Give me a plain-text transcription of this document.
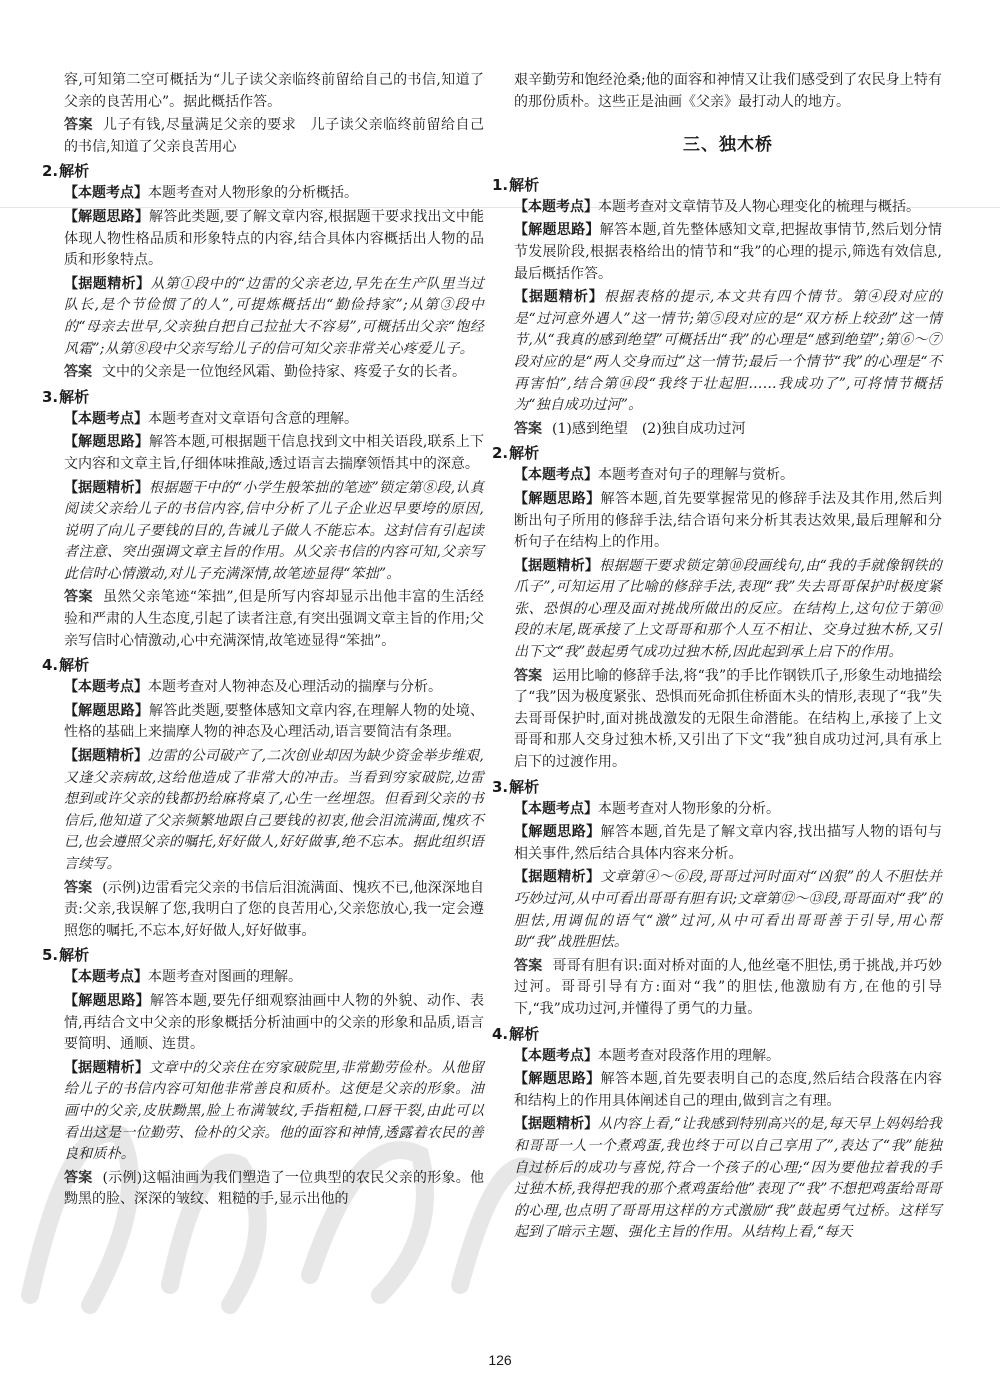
容,可知第二空可概括为“儿子读父亲临终前留给自己的书信,知道了父亲的良苦用心”。据此概括作答。

答案 儿子有钱,尽量满足父亲的要求　儿子读父亲临终前留给自己的书信,知道了父亲良苦用心

2.解析

【本题考点】本题考查对人物形象的分析概括。

【解题思路】解答此类题,要了解文章内容,根据题干要求找出文中能体现人物性格品质和形象特点的内容,结合具体内容概括出人物的品质和形象特点。

【据题精析】从第①段中的“边雷的父亲老边,早先在生产队里当过队长,是个节俭惯了的人”,可提炼概括出“勤俭持家”;从第③段中的“母亲去世早,父亲独自把自己拉扯大不容易”,可概括出父亲“饱经风霜”;从第⑧段中父亲写给儿子的信可知父亲非常关心疼爱儿子。

答案 文中的父亲是一位饱经风霜、勤俭持家、疼爱子女的长者。

3.解析

【本题考点】本题考查对文章语句含意的理解。

【解题思路】解答本题,可根据题干信息找到文中相关语段,联系上下文内容和文章主旨,仔细体味推敲,透过语言去揣摩领悟其中的深意。

【据题精析】根据题干中的“小学生般笨拙的笔迹”锁定第⑧段,认真阅读父亲给儿子的书信内容,信中分析了儿子企业迟早要垮的原因,说明了向儿子要钱的目的,告诫儿子做人不能忘本。这封信有引起读者注意、突出强调文章主旨的作用。从父亲书信的内容可知,父亲写此信时心情激动,对儿子充满深情,故笔迹显得“笨拙”。

答案 虽然父亲笔迹“笨拙”,但是所写内容却显示出他丰富的生活经验和严肃的人生态度,引起了读者注意,有突出强调文章主旨的作用;父亲写信时心情激动,心中充满深情,故笔迹显得“笨拙”。

4.解析

【本题考点】本题考查对人物神态及心理活动的揣摩与分析。

【解题思路】解答此类题,要整体感知文章内容,在理解人物的处境、性格的基础上来揣摩人物的神态及心理活动,语言要简洁有条理。

【据题精析】边雷的公司破产了,二次创业却因为缺少资金举步维艰,又逢父亲病故,这给他造成了非常大的冲击。当看到穷家破院,边雷想到或许父亲的钱都扔给麻将桌了,心生一丝埋怨。但看到父亲的书信后,他知道了父亲频繁地跟自己要钱的初衷,他会泪流满面,愧疚不已,也会遵照父亲的嘱托,好好做人,好好做事,绝不忘本。据此组织语言续写。

答案 (示例)边雷看完父亲的书信后泪流满面、愧疚不已,他深深地自责:父亲,我误解了您,我明白了您的良苦用心,父亲您放心,我一定会遵照您的嘱托,不忘本,好好做人,好好做事。

5.解析

【本题考点】本题考查对图画的理解。

【解题思路】解答本题,要先仔细观察油画中人物的外貌、动作、表情,再结合文中父亲的形象概括分析油画中的父亲的形象和品质,语言要简明、通顺、连贯。

【据题精析】文章中的父亲住在穷家破院里,非常勤劳俭朴。从他留给儿子的书信内容可知他非常善良和质朴。这便是父亲的形象。油画中的父亲,皮肤黝黑,脸上布满皱纹,手指粗糙,口唇干裂,由此可以看出这是一位勤劳、俭朴的父亲。他的面容和神情,透露着农民的善良和质朴。

答案 (示例)这幅油画为我们塑造了一位典型的农民父亲的形象。他黝黑的脸、深深的皱纹、粗糙的手,显示出他的

艰辛勤劳和饱经沧桑;他的面容和神情又让我们感受到了农民身上特有的那份质朴。这些正是油画《父亲》最打动人的地方。

三、独木桥
1.解析

【本题考点】本题考查对文章情节及人物心理变化的梳理与概括。

【解题思路】解答本题,首先整体感知文章,把握故事情节,然后划分情节发展阶段,根据表格给出的情节和“我”的心理的提示,筛选有效信息,最后概括作答。

【据题精析】根据表格的提示,本文共有四个情节。第④段对应的是“过河意外遇人”这一情节;第⑤段对应的是“双方桥上较劲”这一情节,从“我真的感到绝望”可概括出“我”的心理是“感到绝望”;第⑥～⑦段对应的是“两人交身而过”这一情节;最后一个情节“我”的心理是“不再害怕”,结合第⑭段“我终于壮起胆……我成功了”,可将情节概括为“独自成功过河”。

答案 (1)感到绝望　(2)独自成功过河

2.解析

【本题考点】本题考查对句子的理解与赏析。

【解题思路】解答本题,首先要掌握常见的修辞手法及其作用,然后判断出句子所用的修辞手法,结合语句来分析其表达效果,最后理解和分析句子在结构上的作用。

【据题精析】根据题干要求锁定第⑩段画线句,由“我的手就像钢铁的爪子”,可知运用了比喻的修辞手法,表现“我”失去哥哥保护时极度紧张、恐惧的心理及面对挑战所做出的反应。在结构上,这句位于第⑩段的末尾,既承接了上文哥哥和那个人互不相让、交身过独木桥,又引出下文“我”鼓起勇气成功过独木桥,因此起到承上启下的作用。

答案 运用比喻的修辞手法,将“我”的手比作钢铁爪子,形象生动地描绘了“我”因为极度紧张、恐惧而死命抓住桥面木头的情形,表现了“我”失去哥哥保护时,面对挑战激发的无限生命潜能。在结构上,承接了上文哥哥和那人交身过独木桥,又引出了下文“我”独自成功过河,具有承上启下的过渡作用。

3.解析

【本题考点】本题考查对人物形象的分析。

【解题思路】解答本题,首先是了解文章内容,找出描写人物的语句与相关事件,然后结合具体内容来分析。

【据题精析】文章第④～⑥段,哥哥过河时面对“凶狠”的人不胆怯并巧妙过河,从中可看出哥哥有胆有识;文章第⑫～⑬段,哥哥面对“我”的胆怯,用调侃的语气“激”过河,从中可看出哥哥善于引导,用心帮助“我”战胜胆怯。

答案 哥哥有胆有识:面对桥对面的人,他丝毫不胆怯,勇于挑战,并巧妙过河。哥哥引导有方:面对“我”的胆怯,他激励有方,在他的引导下,“我”成功过河,并懂得了勇气的力量。

4.解析

【本题考点】本题考查对段落作用的理解。

【解题思路】解答本题,首先要表明自己的态度,然后结合段落在内容和结构上的作用具体阐述自己的理由,做到言之有理。

【据题精析】从内容上看,“让我感到特别高兴的是,每天早上妈妈给我和哥哥一人一个煮鸡蛋,我也终于可以自己享用了”,表达了“我”能独自过桥后的成功与喜悦,符合一个孩子的心理;“因为要他拉着我的手过独木桥,我得把我的那个煮鸡蛋给他”表现了“我”不想把鸡蛋给哥哥的心理,也点明了哥哥用这样的方式激励“我”鼓起勇气过桥。这样写起到了暗示主题、强化主旨的作用。从结构上看,“每天

126
